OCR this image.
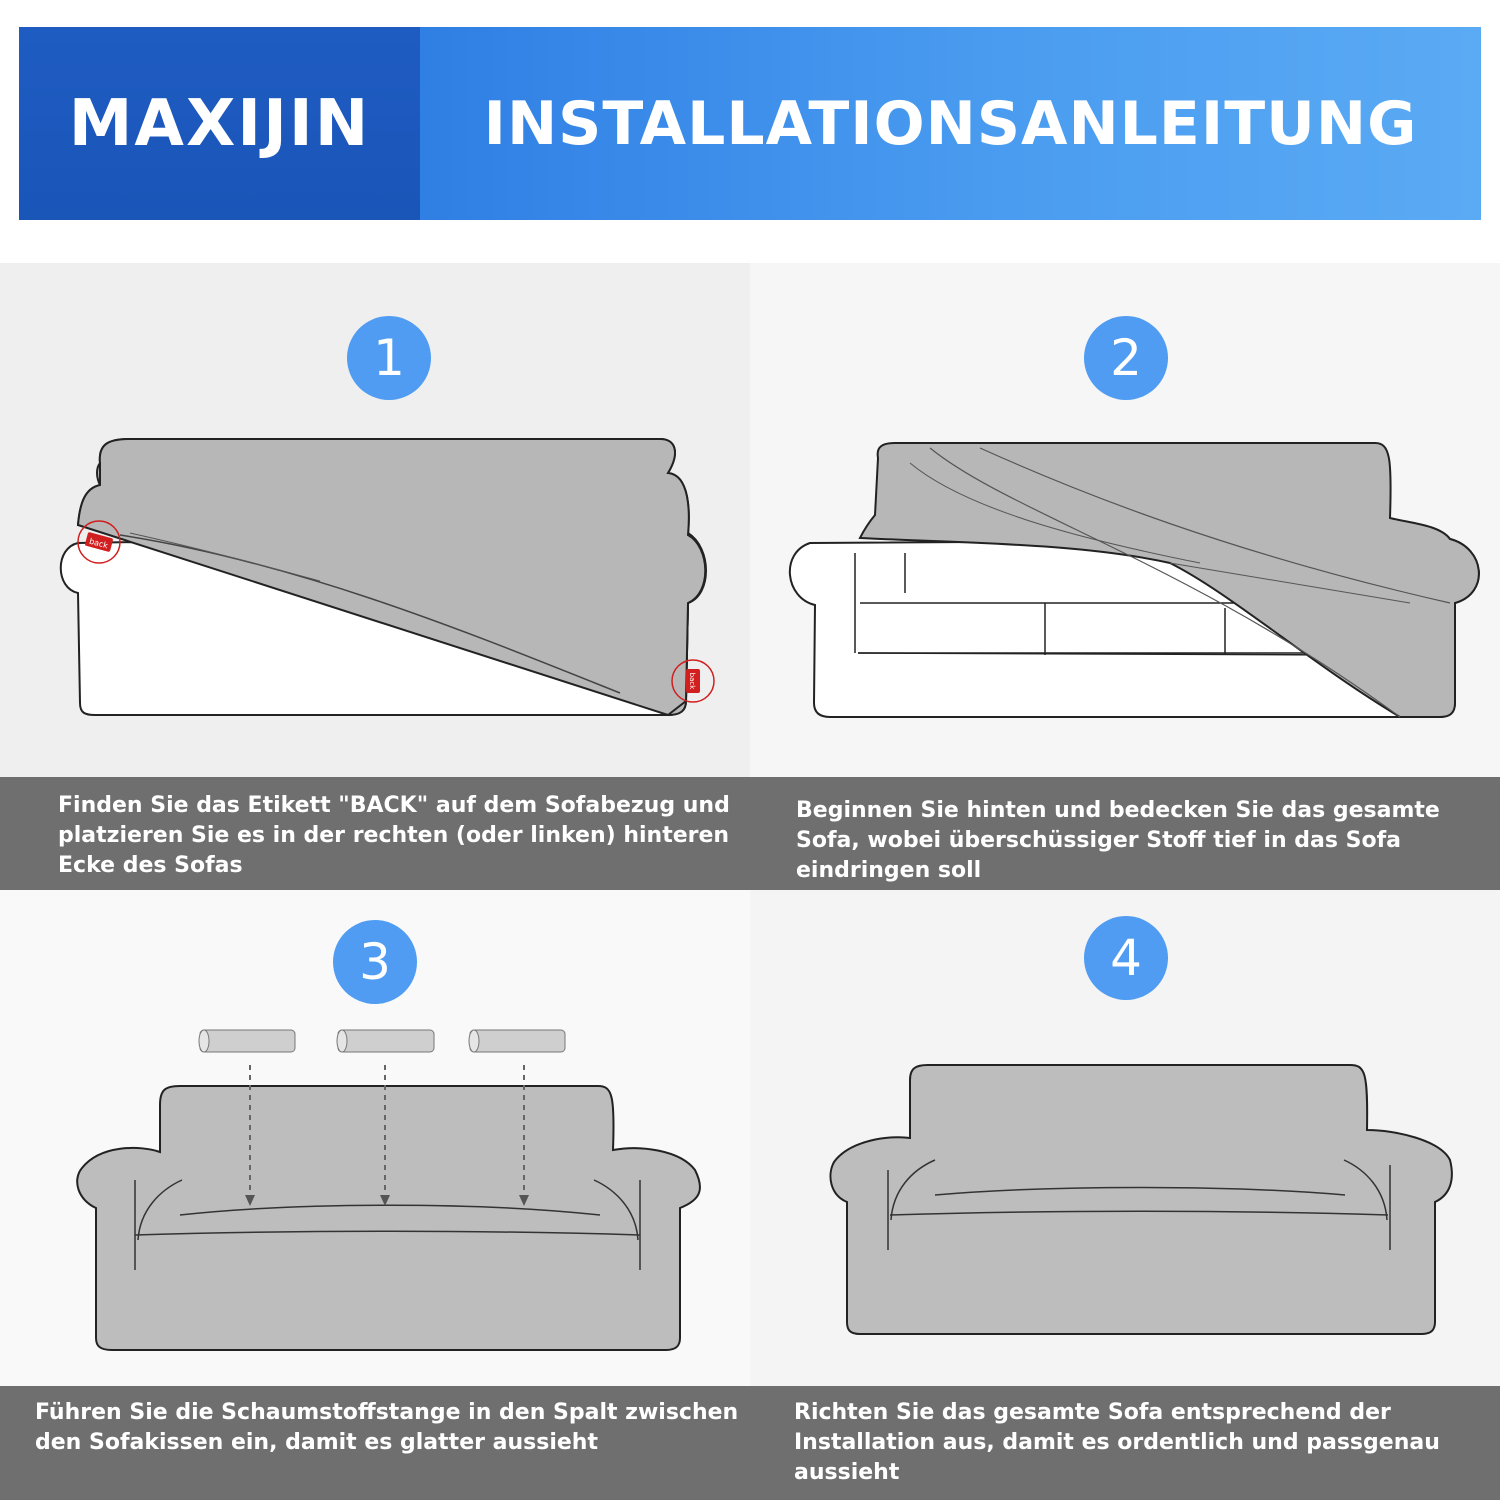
MAXIJIN INSTALLATIONSANLEITUNG
1
back
back
Finden Sie das Etikett "BACK" auf dem Sofabezug und platzieren Sie es in der rechten (oder linken) hinteren Ecke des Sofas
2
Beginnen Sie hinten und bedecken Sie das gesamte Sofa, wobei überschüssiger Stoff tief in das Sofa eindringen soll
3
Führen Sie die Schaumstoffstange in den Spalt zwischen den Sofakissen ein, damit es glatter aussieht
4
Richten Sie das gesamte Sofa entsprechend der Installation aus, damit es ordentlich und passgenau aussieht
